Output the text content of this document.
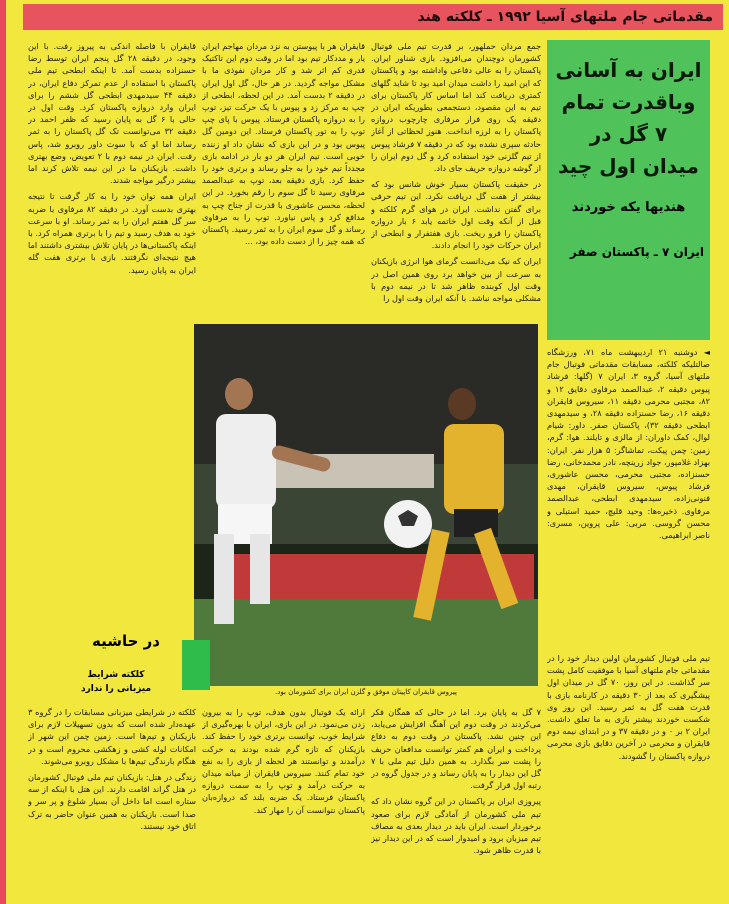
مقدماتی جام ملتهای آسیا ۱۹۹۲ ـ کلکته هند
ایران به آسانی
وباقدرت تمام
۷ گل در
میدان اول چید
هندیها یکه خوردند
ایران ۷ ـ پاکستان صفر

◄ دوشنبه ۲۱ اردیبهشت ماه ۷۱، ورزشگاه صالتلیکه کلکته، مسابقات مقدماتی فوتبال جام ملتهای آسیا، گروه ۳، ایران ۷ (گلها: فرشاد پیوس دقیقه ۲، عبدالصمد مرفاوی دقایق ۱۲ و ۸۲، مجتبی محرمی دقیقه ۱۱، سیروس قایقران دقیقه ۱۶، رضا حسنزاده دقیقه ۲۸، و سیدمهدی ابطحی دقیقه ۳۲)، پاکستان صفر. داور: شیام لوال، کمک داوران: از مالزی و تایلند. هوا: گرم، زمین: چمن پیکت، تماشاگر: ۵ هزار نفر. ایران: بهزاد غلامپور، جواد زرینچه، نادر محمدخانی، رضا حسنزاده، مجتبی محرمی، محسن عاشوری، فرشاد پیوس، سیروس قایقران، مهدی فنونی‌زاده، سیدمهدی ابطحی، عبدالصمد مرفاوی. ذخیره‌ها: وحید قلیچ، حمید استیلی و محسن گروسی. مربی: علی پروین، مسری: ناصر ابراهیمی.

جمع مردان حملهور، بر قدرت تیم ملی فوتبال کشورمان دوچندان می‌افزود. بازی شناور ایران. پاکستان را به عالی دفاعی واداشته بود و پاکستان که این امید را داشت میدان امید بود تا شاید گلهای کمتری دریافت کند اما اساس کار پاکستان برای تیم به این مقصود، دستجمعی بطوریکه ایران در دقیقه یک روی فرار مرفاری چارچوب دروازه پاکستان را به لرزه انداخت. هنوز لحظاتی از آغاز حادثه سپری نشده بود که در دقیقه ۷ فرشاد پیوس از تیم گلزنی خود استفاده کرد و گل دوم ایران را از گوشه دروازه حریف جای داد.

در حقیقت پاکستان بسیار خوش شانس بود که بیشتر از هفت گل دریافت نکرد. این تیم حرفی برای گفتن نداشت. ایران در هوای گرم کلکته و قبل از آنکه وقت اول خاتمه یابد ۶ بار دروازه پاکستان را فرو ریخت. بازی هفتفرار و ابطحی از ایران حرکات خود را انجام دادند.

ایران که نیک می‌دانست گرمای هوا انرژی بازیکنان به سرعت از بین خواهد برد روی همین اصل در وقت اول کوبنده ظاهر شد تا در نیمه دوم با مشکلی مواجه نباشد. با آنکه ایران وقت اول را

قایقران هر با پیوستن به نزد مردان مهاجم ایران یار و مددکار تیم بود اما در وقت دوم این تاکتیک قدری کم اثر شد و کار مردان نفوذی ما با مشکل مواجه گردید. در هر حال، گل اول ایران در دقیقه ۲ بدست آمد. در این لحظه، ابطحی از چپ به مرکز زد و پیوس با یک حرکت تیز، توپ را به دروازه پاکستان فرستاد. پیوس با پای چپ توپ را به تور پاکستان فرستاد. این دومین گل پیوس بود و در این بازی که نشان داد او زننده خوبی است. تیم ایران هر دو بار در ادامه بازی مجدداً تیم خود را به جلو رساند و برتری خود را حفظ کرد. بازی دقیقه بعد، توپ به عبدالصمد مرفاوی رسید تا گل سوم را رقم بخورد. در این لحظه، محسن عاشوری با قدرت از جناح چپ به مدافع کرد و پاس نیاورد. توپ را به مرفاوی رساند و گل سوم ایران را به ثمر رسید. پاکستان که همه چیز را از دست داده بود، ...

قایقران با فاصله اندکی به پیروز رفت. با این وجود، در دقیقه ۲۸ گل پنجم ایران توسط رضا حسنزاده بدست آمد. تا اینکه ابطحی تیم ملی پاکستان با استفاده از عدم تمرکز دفاع ایران، در دقیقه ۴۴ سیدمهدی ابطحی گل ششم را برای ایران وارد دروازه پاکستان کرد. وقت اول در حالی با ۶ گل به پایان رسید که ظفر احمد در دقیقه ۳۲ می‌توانست تک گل پاکستان را به ثمر رساند اما او که با سوت داور روبرو شد، پاس رفت. ایران در نیمه دوم با ۲ تعویض، وضع بهتری داشت. بازیکنان ما در این نیمه تلاش کرند اما بیشتر درگیر مواجه شدند.

ایران همه توان خود را به کار گرفت تا نتیجه بهتری بدست آورد. در دقیقه ۸۲ مرفاوی با ضربه سر گل هفتم ایران را به ثمر رساند. او با سرعت خود به هدف رسید و تیم را با برتری همراه کرد. با اینکه پاکستانی‌ها در پایان تلاش بیشتری داشتند اما هیچ نتیجه‌ای نگرفتند. بازی با برتری هفت گله ایران به پایان رسید.

پیروس قایقران کاپیتان موفق و گلزن ایران برای کشورمان بود.
در حاشیه
کلکته شرایط
میزبانی را ندارد

کلکته در شرایطی میزبانی مسابقات را در گروه ۳ عهده‌دار شده است که بدون تسهیلات لازم برای بازیکنان و تیم‌ها است. زمین چمن این شهر از امکانات لوله کشی و زهکشی محروم است و در هنگام بارندگی تیم‌ها با مشکل روبرو می‌شوند.

زندگی در هتل: بازیکنان تیم ملی فوتبال کشورمان در هتل گراند اقامت دارند. این هتل با اینکه از سه ستاره است اما داخل آن بسیار شلوغ و پر سر و صدا است. بازیکنان به همین عنوان حاضر به ترک اتاق خود نیستند.

ارائه یک فوتبال بدون هدف، توپ را به بیرون زدن می‌نمود. در این بازی، ایران با بهره‌گیری از شرایط خوب، توانست برتری خود را حفظ کند. بازیکنان که تازه گرم شده بودند به حرکت درآمدند و توانستند هر لحظه از بازی را به نفع خود تمام کنند. سیروس قایقران از میانه میدان به حرکت درآمد و توپ را به سمت دروازه پاکستان فرستاد. یک ضربه بلند که دروازه‌بان پاکستان نتوانست آن را مهار کند.

۷ گل به پایان برد. اما در حالی که همگان فکر می‌کردند در وقت دوم این آهنگ افزایش می‌یابد، این چنین نشد. پاکستان در وقت دوم به دفاع پرداخت و ایران هم کمتر توانست مدافعان حریف را پشت سر بگذارد. به همین دلیل تیم ملی با ۷ گل این دیدار را به پایان رساند و در جدول گروه در رتبه اول قرار گرفت.

پیروزی ایران بر پاکستان در این گروه نشان داد که تیم ملی کشورمان از آمادگی لازم برای صعود برخوردار است. ایران باید در دیدار بعدی به مصاف تیم میزبان برود و امیدوار است که در این دیدار نیز با قدرت ظاهر شود.

تیم ملی فوتبال کشورمان اولین دیدار خود را در مقدماتی جام ملتهای آسیا با موفقیت کامل پشت سر گذاشت. در این روز، ۷۰ گل در میدان اول پیشگیری که بعد از ۳۰ دقیقه در کارنامه بازی با قدرت هفت گل به ثمر رسید. این روز وی شکست خوردند بیشتر بازی به ما تعلق داشت. ایران ۲ بر ۰ و در دقیقه ۳۷ و در ابتدای نیمه دوم قایقران و محرمی در آخرین دقایق بازی محرمی دروازه پاکستان را گشودند.
